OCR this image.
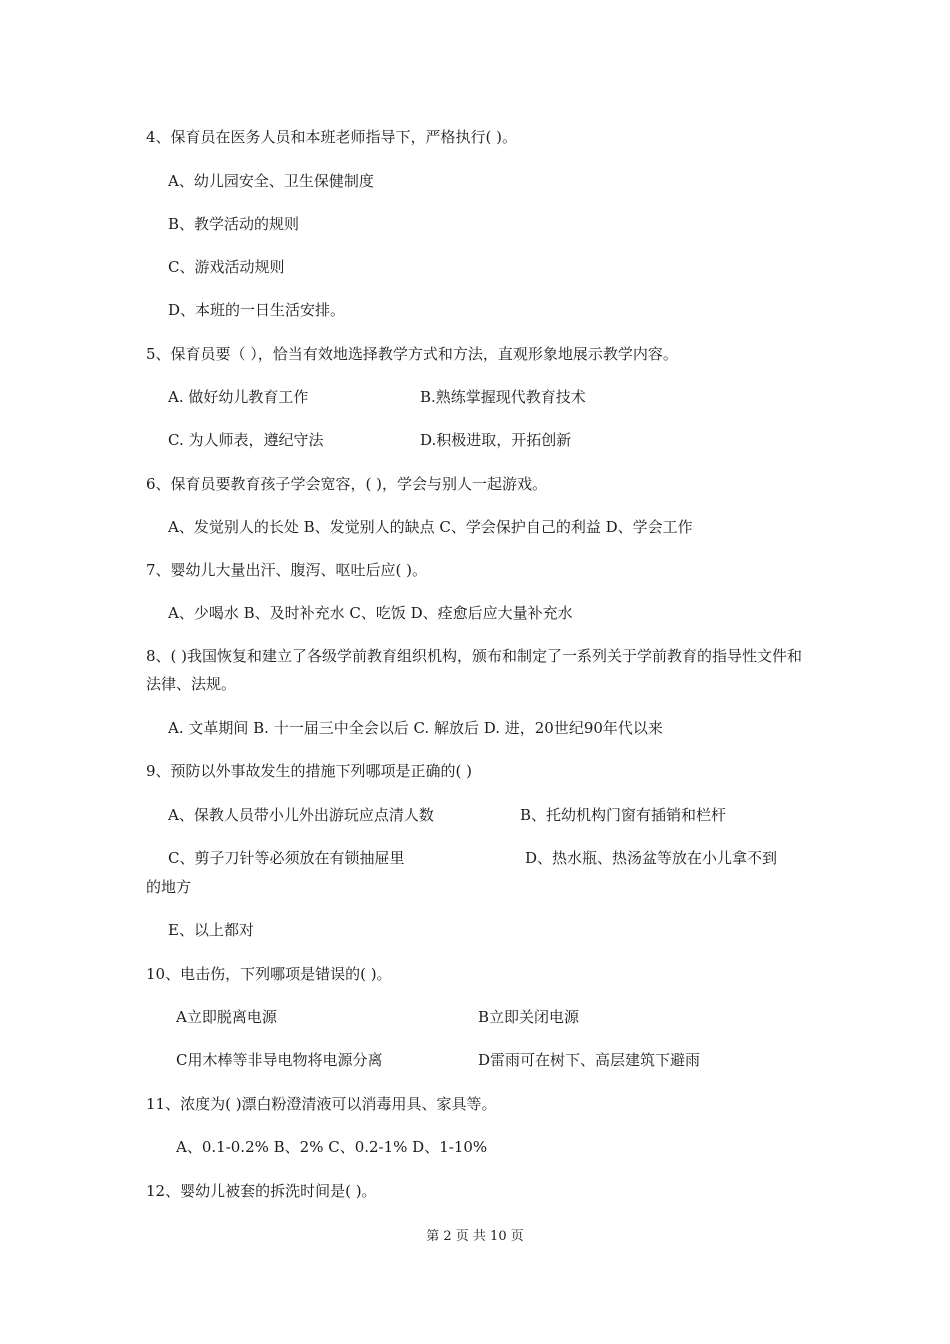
4、保育员在医务人员和本班老师指导下，严格执行( )。
A、幼儿园安全、卫生保健制度
B、教学活动的规则
C、游戏活动规则
D、本班的一日生活安排。
5、保育员要（ ），恰当有效地选择教学方式和方法，直观形象地展示教学内容。
A. 做好幼儿教育工作	B.熟练掌握现代教育技术
C. 为人师表，遵纪守法	D.积极进取，开拓创新
6、保育员要教育孩子学会宽容，( )，学会与别人一起游戏。
A、发觉别人的长处 B、发觉别人的缺点 C、学会保护自己的利益 D、学会工作
7、婴幼儿大量出汗、腹泻、呕吐后应( )。
A、少喝水 B、及时补充水 C、吃饭 D、痊愈后应大量补充水
8、( )我国恢复和建立了各级学前教育组织机构，颁布和制定了一系列关于学前教育的指导性文件和法律、法规。
A. 文革期间 B. 十一届三中全会以后 C. 解放后 D. 进，20世纪90年代以来
9、预防以外事故发生的措施下列哪项是正确的( )
A、保教人员带小儿外出游玩应点清人数	B、托幼机构门窗有插销和栏杆
C、剪子刀针等必须放在有锁抽屉里	D、热水瓶、热汤盆等放在小儿拿不到
的地方
E、以上都对
10、电击伤，下列哪项是错误的( )。
A立即脱离电源	B立即关闭电源
C用木棒等非导电物将电源分离	D雷雨可在树下、高层建筑下避雨
11、浓度为( )漂白粉澄清液可以消毒用具、家具等。
A、0.1-0.2% B、2% C、0.2-1% D、1-10%
12、婴幼儿被套的拆洗时间是( )。
第 2 页 共 10 页
